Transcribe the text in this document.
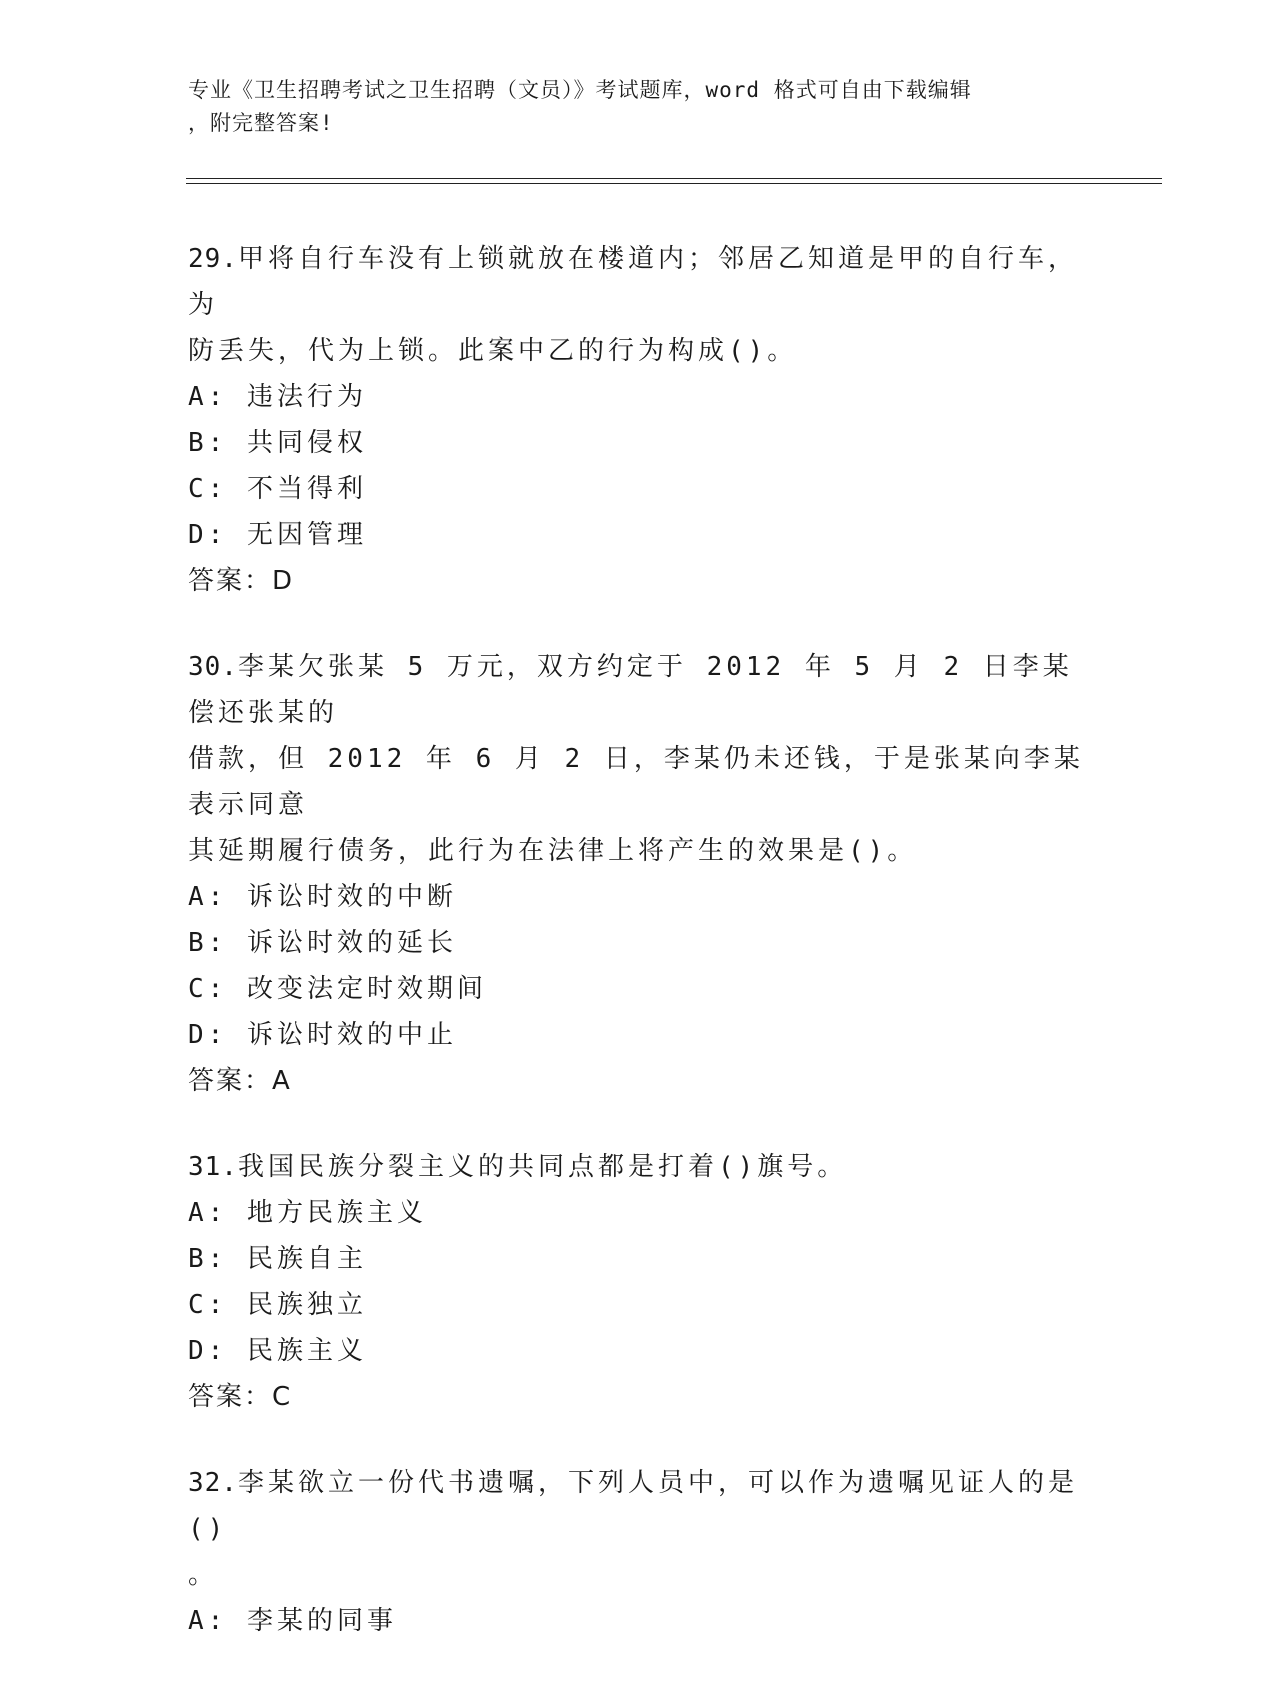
专业《卫生招聘考试之卫生招聘（文员）》考试题库，word 格式可自由下载编辑
，附完整答案!
29.甲将自行车没有上锁就放在楼道内；邻居乙知道是甲的自行车，为
防丢失，代为上锁。此案中乙的行为构成()。
A: 违法行为
B: 共同侵权
C: 不当得利
D: 无因管理
答案：D
30.李某欠张某 5 万元，双方约定于 2012 年 5 月 2 日李某偿还张某的
借款，但 2012 年 6 月 2 日，李某仍未还钱，于是张某向李某表示同意
其延期履行债务，此行为在法律上将产生的效果是()。
A: 诉讼时效的中断
B: 诉讼时效的延长
C: 改变法定时效期间
D: 诉讼时效的中止
答案：A
31.我国民族分裂主义的共同点都是打着()旗号。
A: 地方民族主义
B: 民族自主
C: 民族独立
D: 民族主义
答案：C
32.李某欲立一份代书遗嘱，下列人员中，可以作为遗嘱见证人的是()
。
A: 李某的同事
